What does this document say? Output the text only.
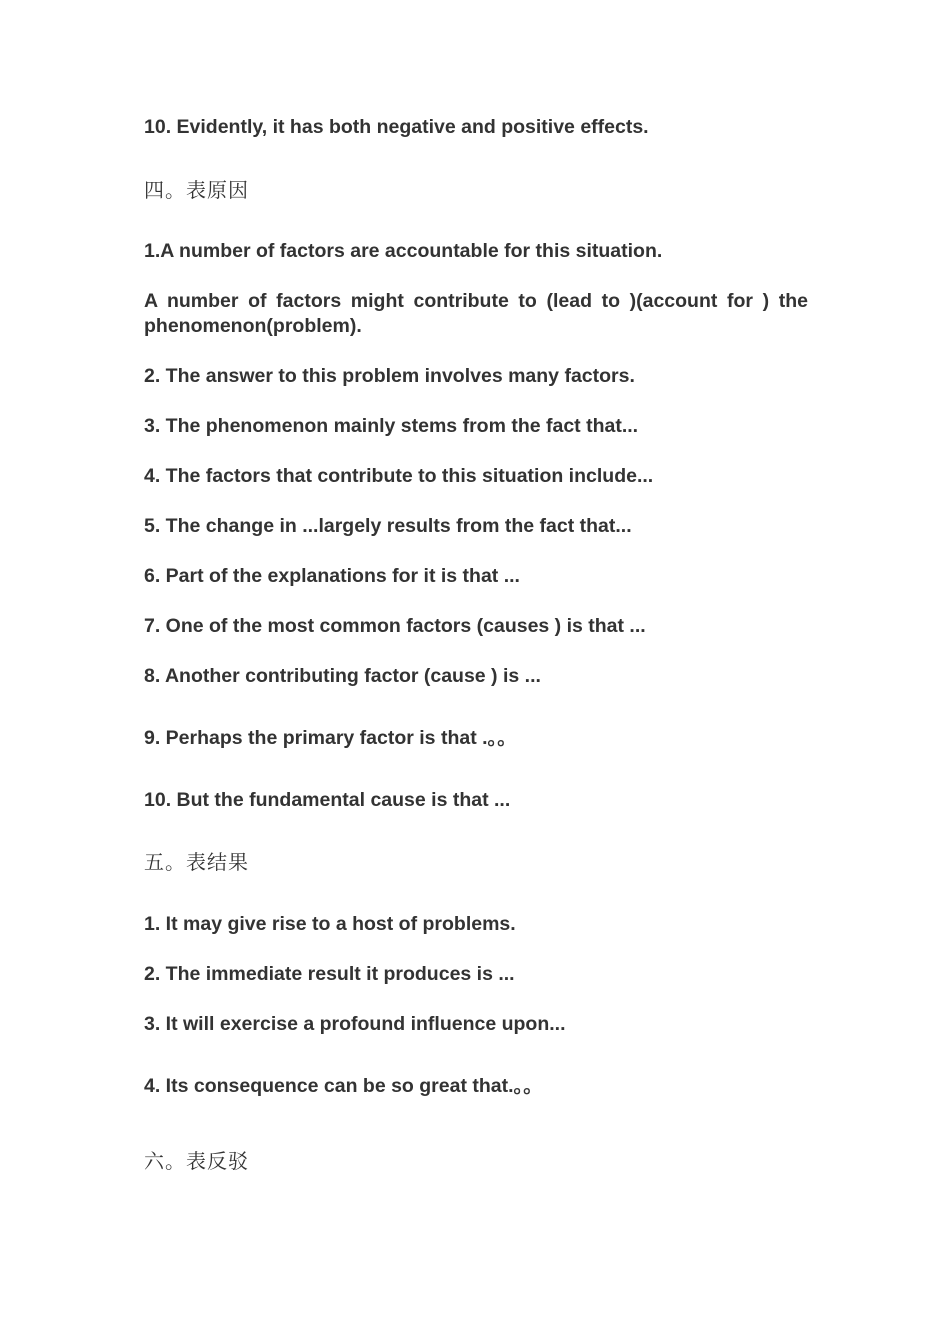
10. Evidently, it has both negative and positive effects.
四。表原因
1.A number of factors are accountable for this situation.
A number of factors might contribute to (lead to )(account for ) the phenomenon(problem).
2. The answer to this problem involves many factors.
3. The phenomenon mainly stems from the fact that...
4. The factors that contribute to this situation include...
5. The change in ...largely results from the fact that...
6. Part of the explanations for it is that ...
7. One of the most common factors (causes ) is that ...
8. Another contributing factor (cause ) is ...
9. Perhaps the primary factor is that .。。
10. But the fundamental cause is that ...
五。表结果
1. It may give rise to a host of problems.
2. The immediate result it produces is ...
3. It will exercise a profound influence upon...
4. Its consequence can be so great that.。。
六。表反驳
